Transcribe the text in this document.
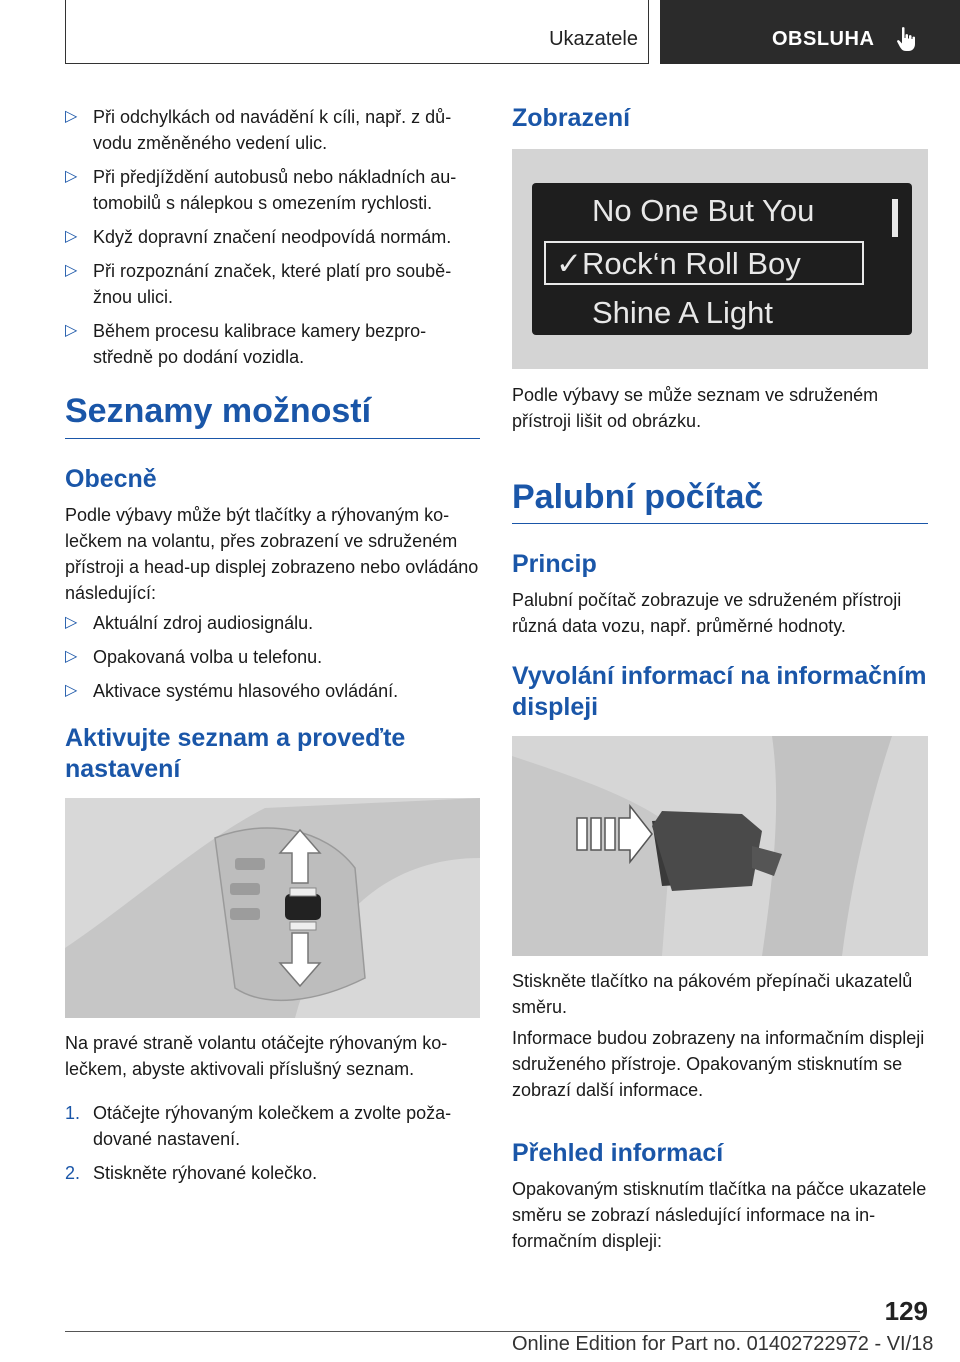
Ukazatele	OBSLUHA
▷ Při odchylkách od navádění k cíli, např. z důvodu změněného vedení ulic.
▷ Při předjíždění autobusů nebo nákladních automobilů s nálepkou s omezením rychlosti.
▷ Když dopravní značení neodpovídá normám.
▷ Při rozpoznání značek, které platí pro souběžnou ulici.
▷ Během procesu kalibrace kamery bezprostředně po dodání vozidla.
Seznamy možností
Obecně

Podle výbavy může být tlačítky a rýhovaným kolečkem na volantu, přes zobrazení ve sdruženém přístroji a head-up displej zobrazeno nebo ovládáno následující:

▷ Aktuální zdroj audiosignálu.
▷ Opakovaná volba u telefonu.
▷ Aktivace systému hlasového ovládání.
Aktivujte seznam a proveďte nastavení

Na pravé straně volantu otáčejte rýhovaným kolečkem, abyste aktivovali příslušný seznam.

1. Otáčejte rýhovaným kolečkem a zvolte požadované nastavení.
2. Stiskněte rýhované kolečko.
Zobrazení
No One But You
✓Rock‘n Roll Boy
Shine A Light

Podle výbavy se může seznam ve sdruženém přístroji lišit od obrázku.

Palubní počítač
Princip

Palubní počítač zobrazuje ve sdruženém přístroji různá data vozu, např. průměrné hodnoty.

Vyvolání informací na informačním displeji

Stiskněte tlačítko na pákovém přepínači ukazatelů směru.

Informace budou zobrazeny na informačním displeji sdruženého přístroje. Opakovaným stisknutím se zobrazí další informace.

Přehled informací

Opakovaným stisknutím tlačítka na páčce ukazatele směru se zobrazí následující informace na informačním displeji:

129
Online Edition for Part no. 01402722972 - VI/18
